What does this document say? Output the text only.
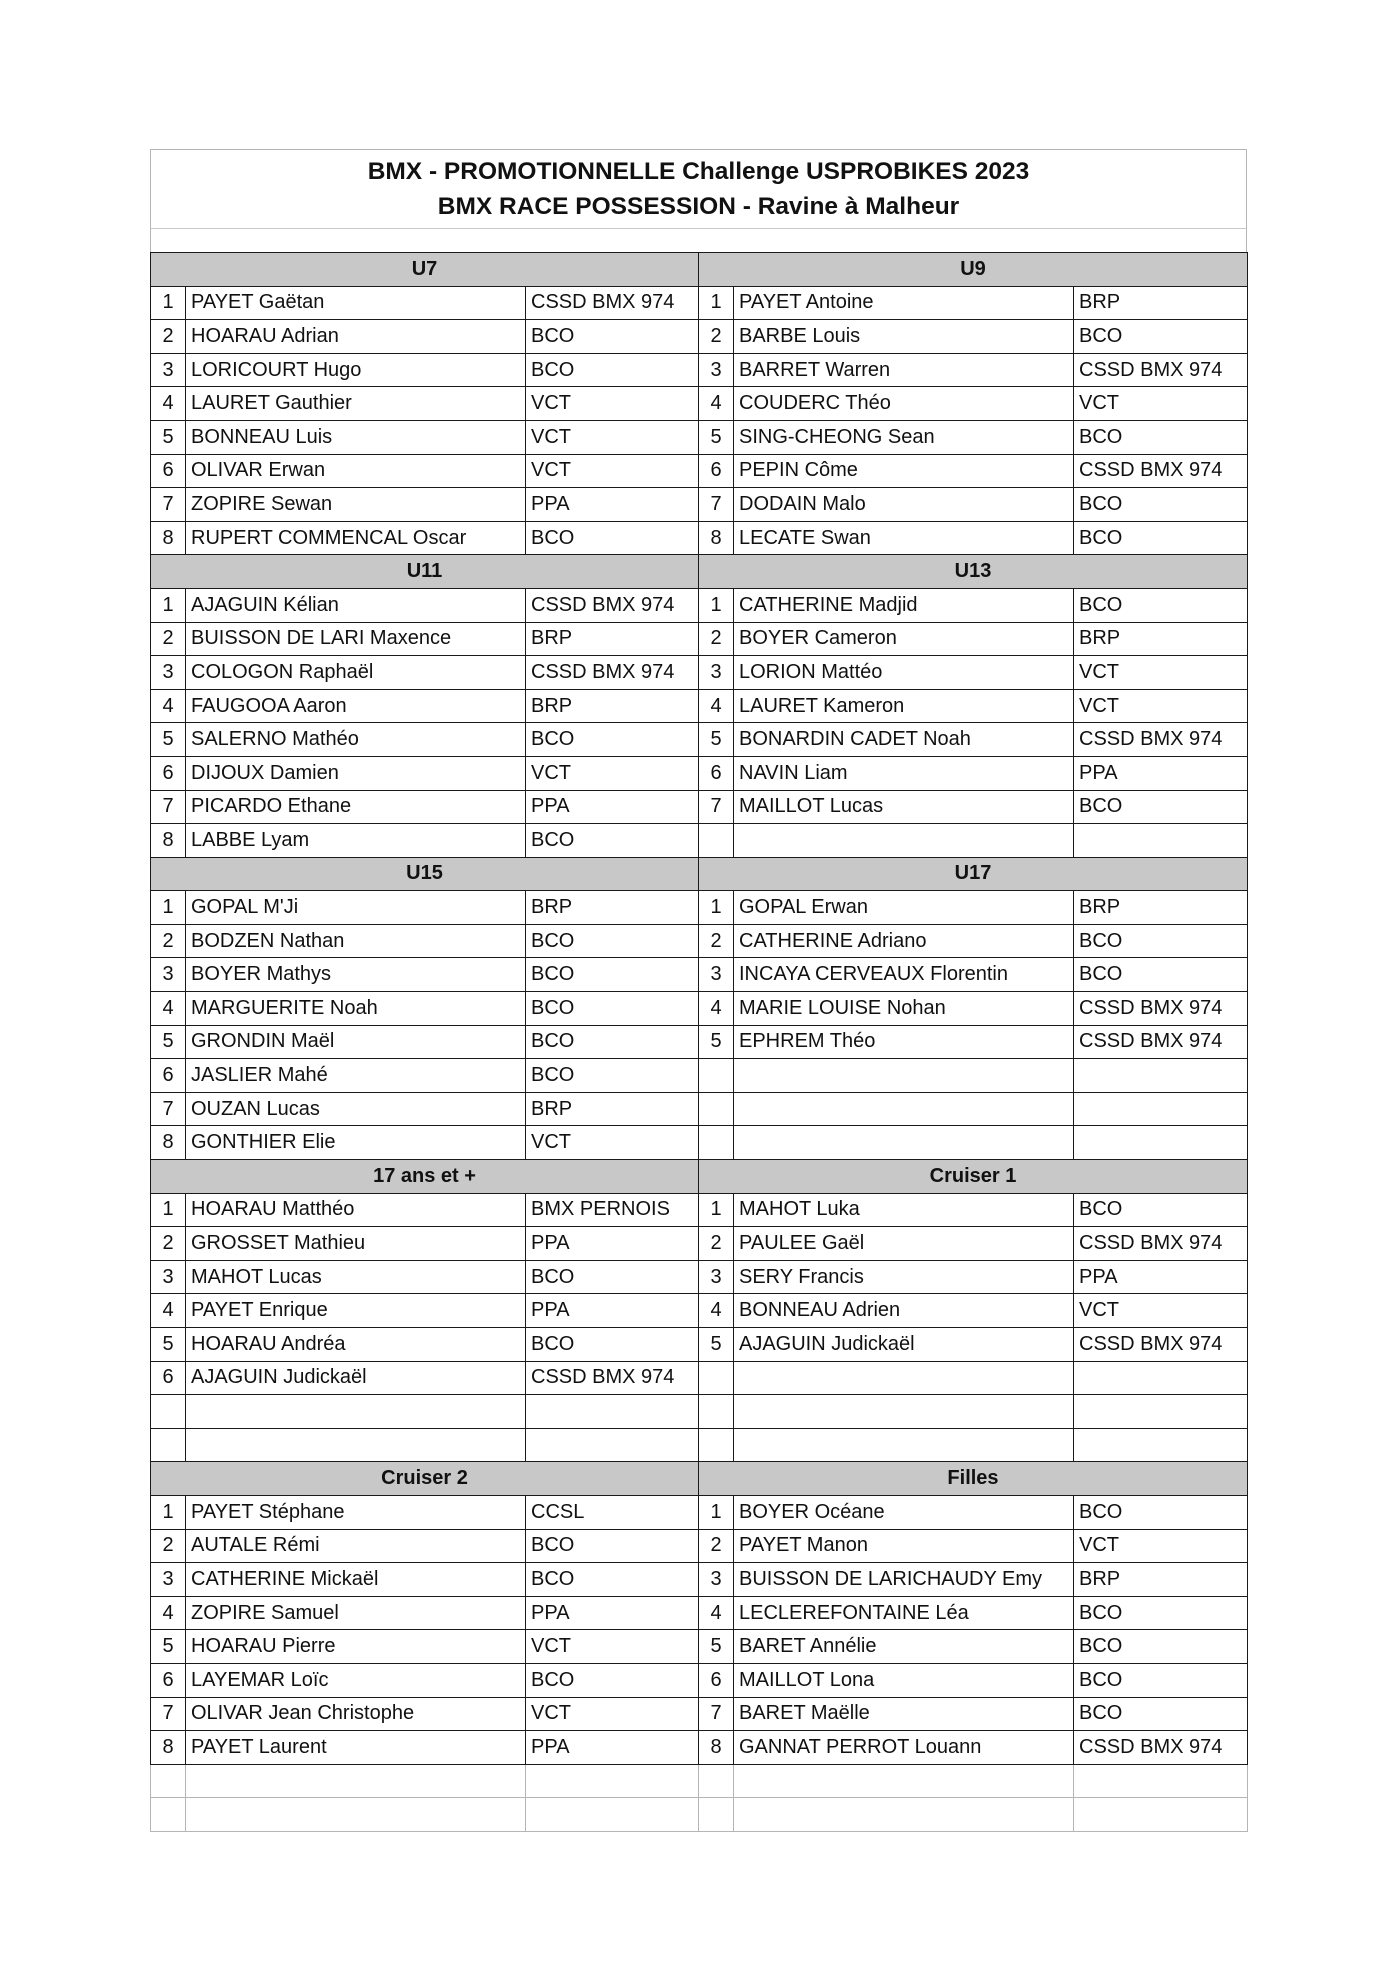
BMX - PROMOTIONNELLE Challenge USPROBIKES 2023
BMX RACE POSSESSION - Ravine à Malheur
U7			U9		
1	PAYET Gaëtan	CSSD BMX 974	1	PAYET Antoine	BRP
2	HOARAU Adrian	BCO	2	BARBE Louis	BCO
3	LORICOURT Hugo	BCO	3	BARRET Warren	CSSD BMX 974
4	LAURET Gauthier	VCT	4	COUDERC Théo	VCT
5	BONNEAU Luis	VCT	5	SING-CHEONG Sean	BCO
6	OLIVAR Erwan	VCT	6	PEPIN Côme	CSSD BMX 974
7	ZOPIRE Sewan	PPA	7	DODAIN Malo	BCO
8	RUPERT COMMENCAL Oscar	BCO	8	LECATE Swan	BCO
U11			U13		
1	AJAGUIN Kélian	CSSD BMX 974	1	CATHERINE Madjid	BCO
2	BUISSON DE LARI Maxence	BRP	2	BOYER Cameron	BRP
3	COLOGON Raphaël	CSSD BMX 974	3	LORION Mattéo	VCT
4	FAUGOOA Aaron	BRP	4	LAURET Kameron	VCT
5	SALERNO Mathéo	BCO	5	BONARDIN CADET Noah	CSSD BMX 974
6	DIJOUX Damien	VCT	6	NAVIN Liam	PPA
7	PICARDO Ethane	PPA	7	MAILLOT Lucas	BCO
8	LABBE Lyam	BCO			
U15			U17		
1	GOPAL M'Ji	BRP	1	GOPAL Erwan	BRP
2	BODZEN Nathan	BCO	2	CATHERINE Adriano	BCO
3	BOYER Mathys	BCO	3	INCAYA CERVEAUX Florentin	BCO
4	MARGUERITE Noah	BCO	4	MARIE LOUISE Nohan	CSSD BMX 974
5	GRONDIN Maël	BCO	5	EPHREM Théo	CSSD BMX 974
6	JASLIER Mahé	BCO			
7	OUZAN Lucas	BRP			
8	GONTHIER Elie	VCT			
17 ans et +			Cruiser 1		
1	HOARAU Matthéo	BMX PERNOIS	1	MAHOT Luka	BCO
2	GROSSET Mathieu	PPA	2	PAULEE Gaël	CSSD BMX 974
3	MAHOT Lucas	BCO	3	SERY Francis	PPA
4	PAYET Enrique	PPA	4	BONNEAU Adrien	VCT
5	HOARAU Andréa	BCO	5	AJAGUIN Judickaël	CSSD BMX 974
6	AJAGUIN Judickaël	CSSD BMX 974			

Cruiser 2			Filles		
1	PAYET Stéphane	CCSL	1	BOYER Océane	BCO
2	AUTALE Rémi	BCO	2	PAYET Manon	VCT
3	CATHERINE Mickaël	BCO	3	BUISSON DE LARICHAUDY Emy	BRP
4	ZOPIRE Samuel	PPA	4	LECLEREFONTAINE Léa	BCO
5	HOARAU Pierre	VCT	5	BARET Annélie	BCO
6	LAYEMAR Loïc	BCO	6	MAILLOT Lona	BCO
7	OLIVAR Jean Christophe	VCT	7	BARET Maëlle	BCO
8	PAYET Laurent	PPA	8	GANNAT PERROT Louann	CSSD BMX 974
